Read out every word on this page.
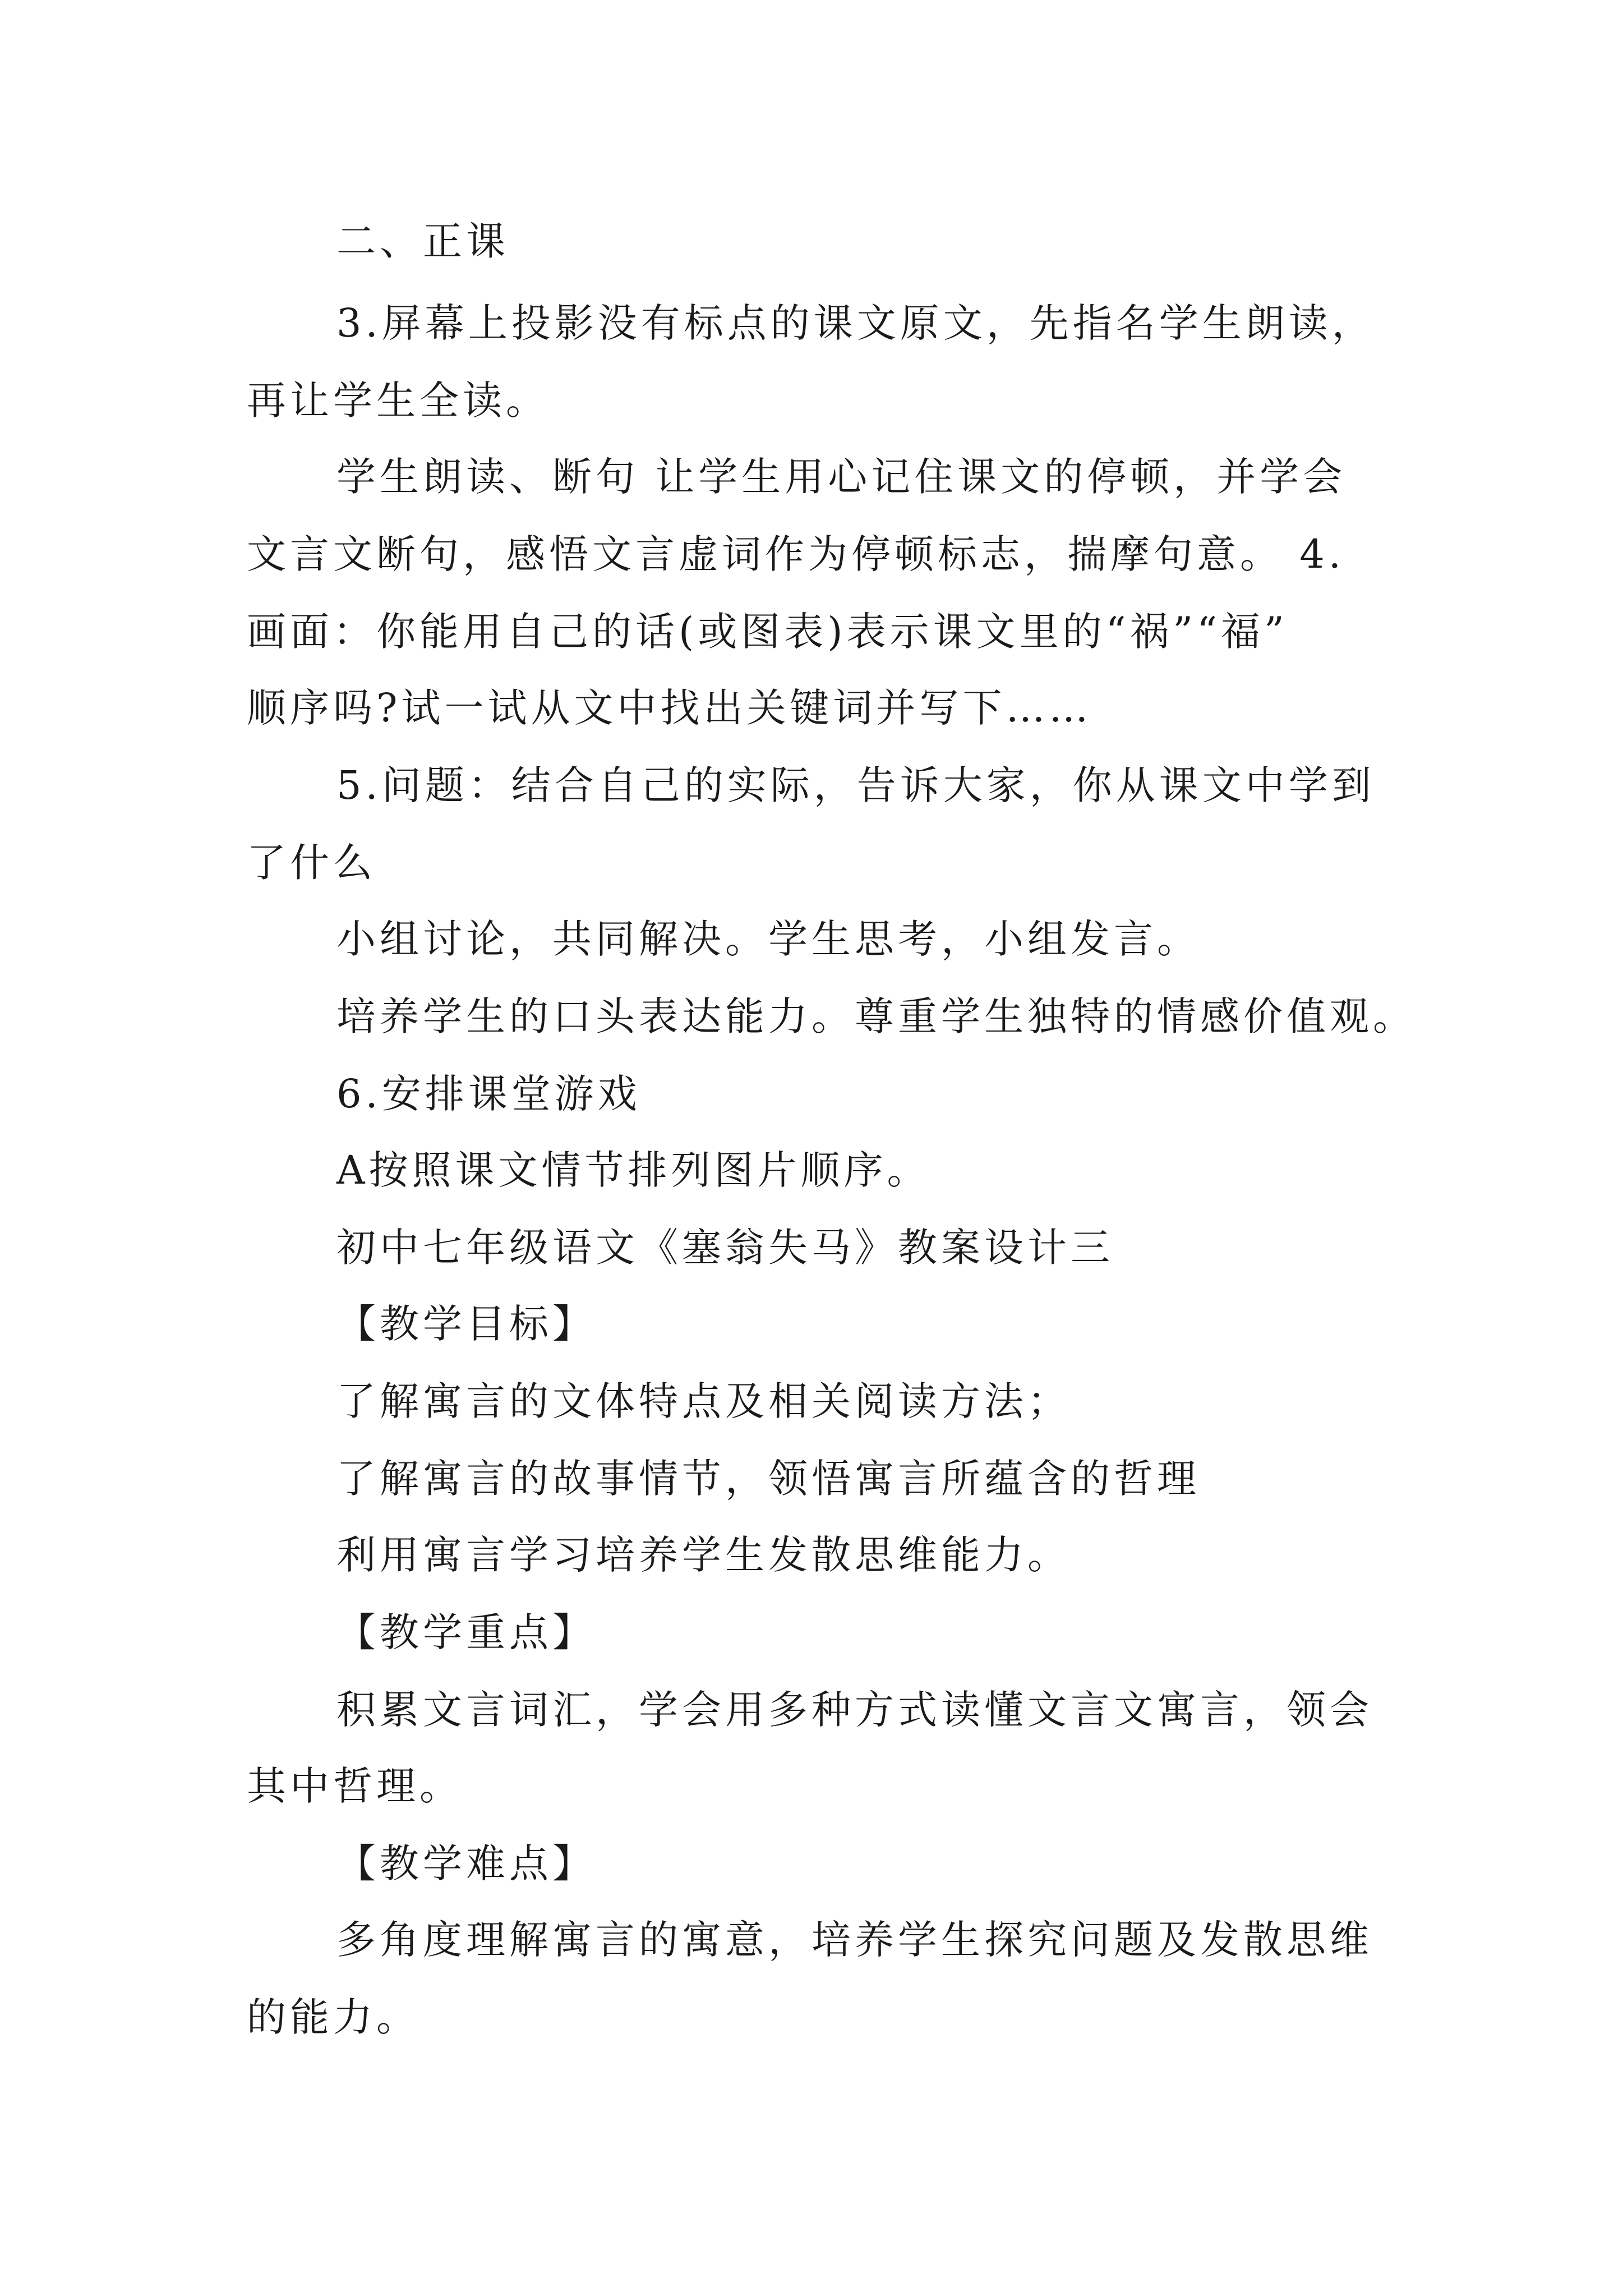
二、正课

3.屏幕上投影没有标点的课文原文，先指名学生朗读，

再让学生全读。

学生朗读、断句 让学生用心记住课文的停顿，并学会

文言文断句，感悟文言虚词作为停顿标志，揣摩句意。 4.

画面：你能用自己的话(或图表)表示课文里的“祸”“福”

顺序吗?试一试从文中找出关键词并写下……

5.问题：结合自己的实际，告诉大家，你从课文中学到

了什么

小组讨论，共同解决。学生思考，小组发言。

培养学生的口头表达能力。尊重学生独特的情感价值观。

6.安排课堂游戏

A按照课文情节排列图片顺序。

初中七年级语文《塞翁失马》教案设计三

【教学目标】

了解寓言的文体特点及相关阅读方法；

了解寓言的故事情节，领悟寓言所蕴含的哲理

利用寓言学习培养学生发散思维能力。

【教学重点】

积累文言词汇，学会用多种方式读懂文言文寓言，领会

其中哲理。

【教学难点】

多角度理解寓言的寓意，培养学生探究问题及发散思维

的能力。
